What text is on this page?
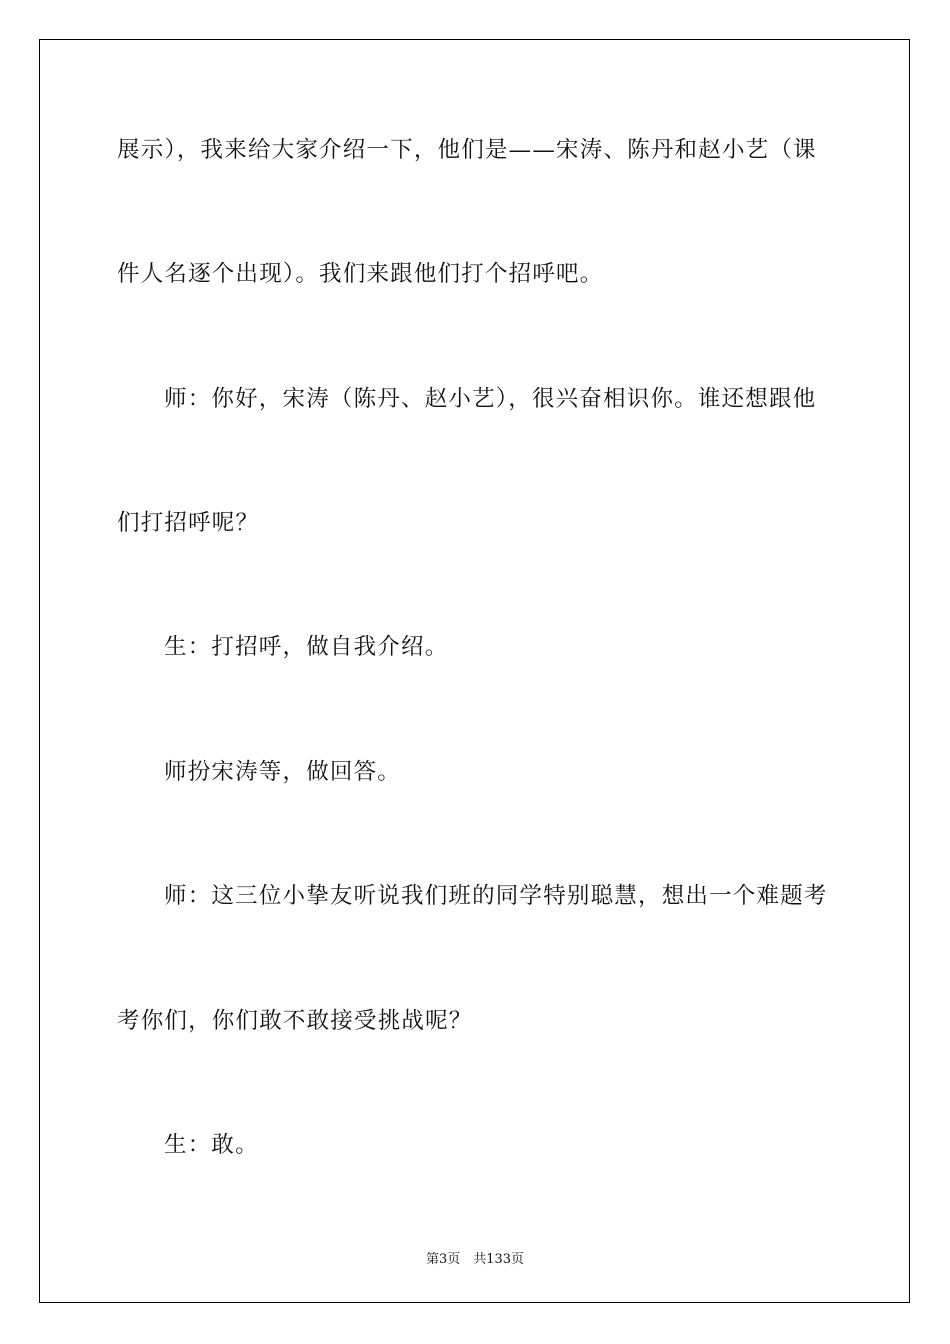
展示），我来给大家介绍一下，他们是——宋涛、陈丹和赵小艺（课
件人名逐个出现）。我们来跟他们打个招呼吧。
师：你好，宋涛（陈丹、赵小艺），很兴奋相识你。谁还想跟他
们打招呼呢？
生：打招呼，做自我介绍。
师扮宋涛等，做回答。
师：这三位小挚友听说我们班的同学特别聪慧，想出一个难题考
考你们，你们敢不敢接受挑战呢？
生：敢。
第3页　共133页
